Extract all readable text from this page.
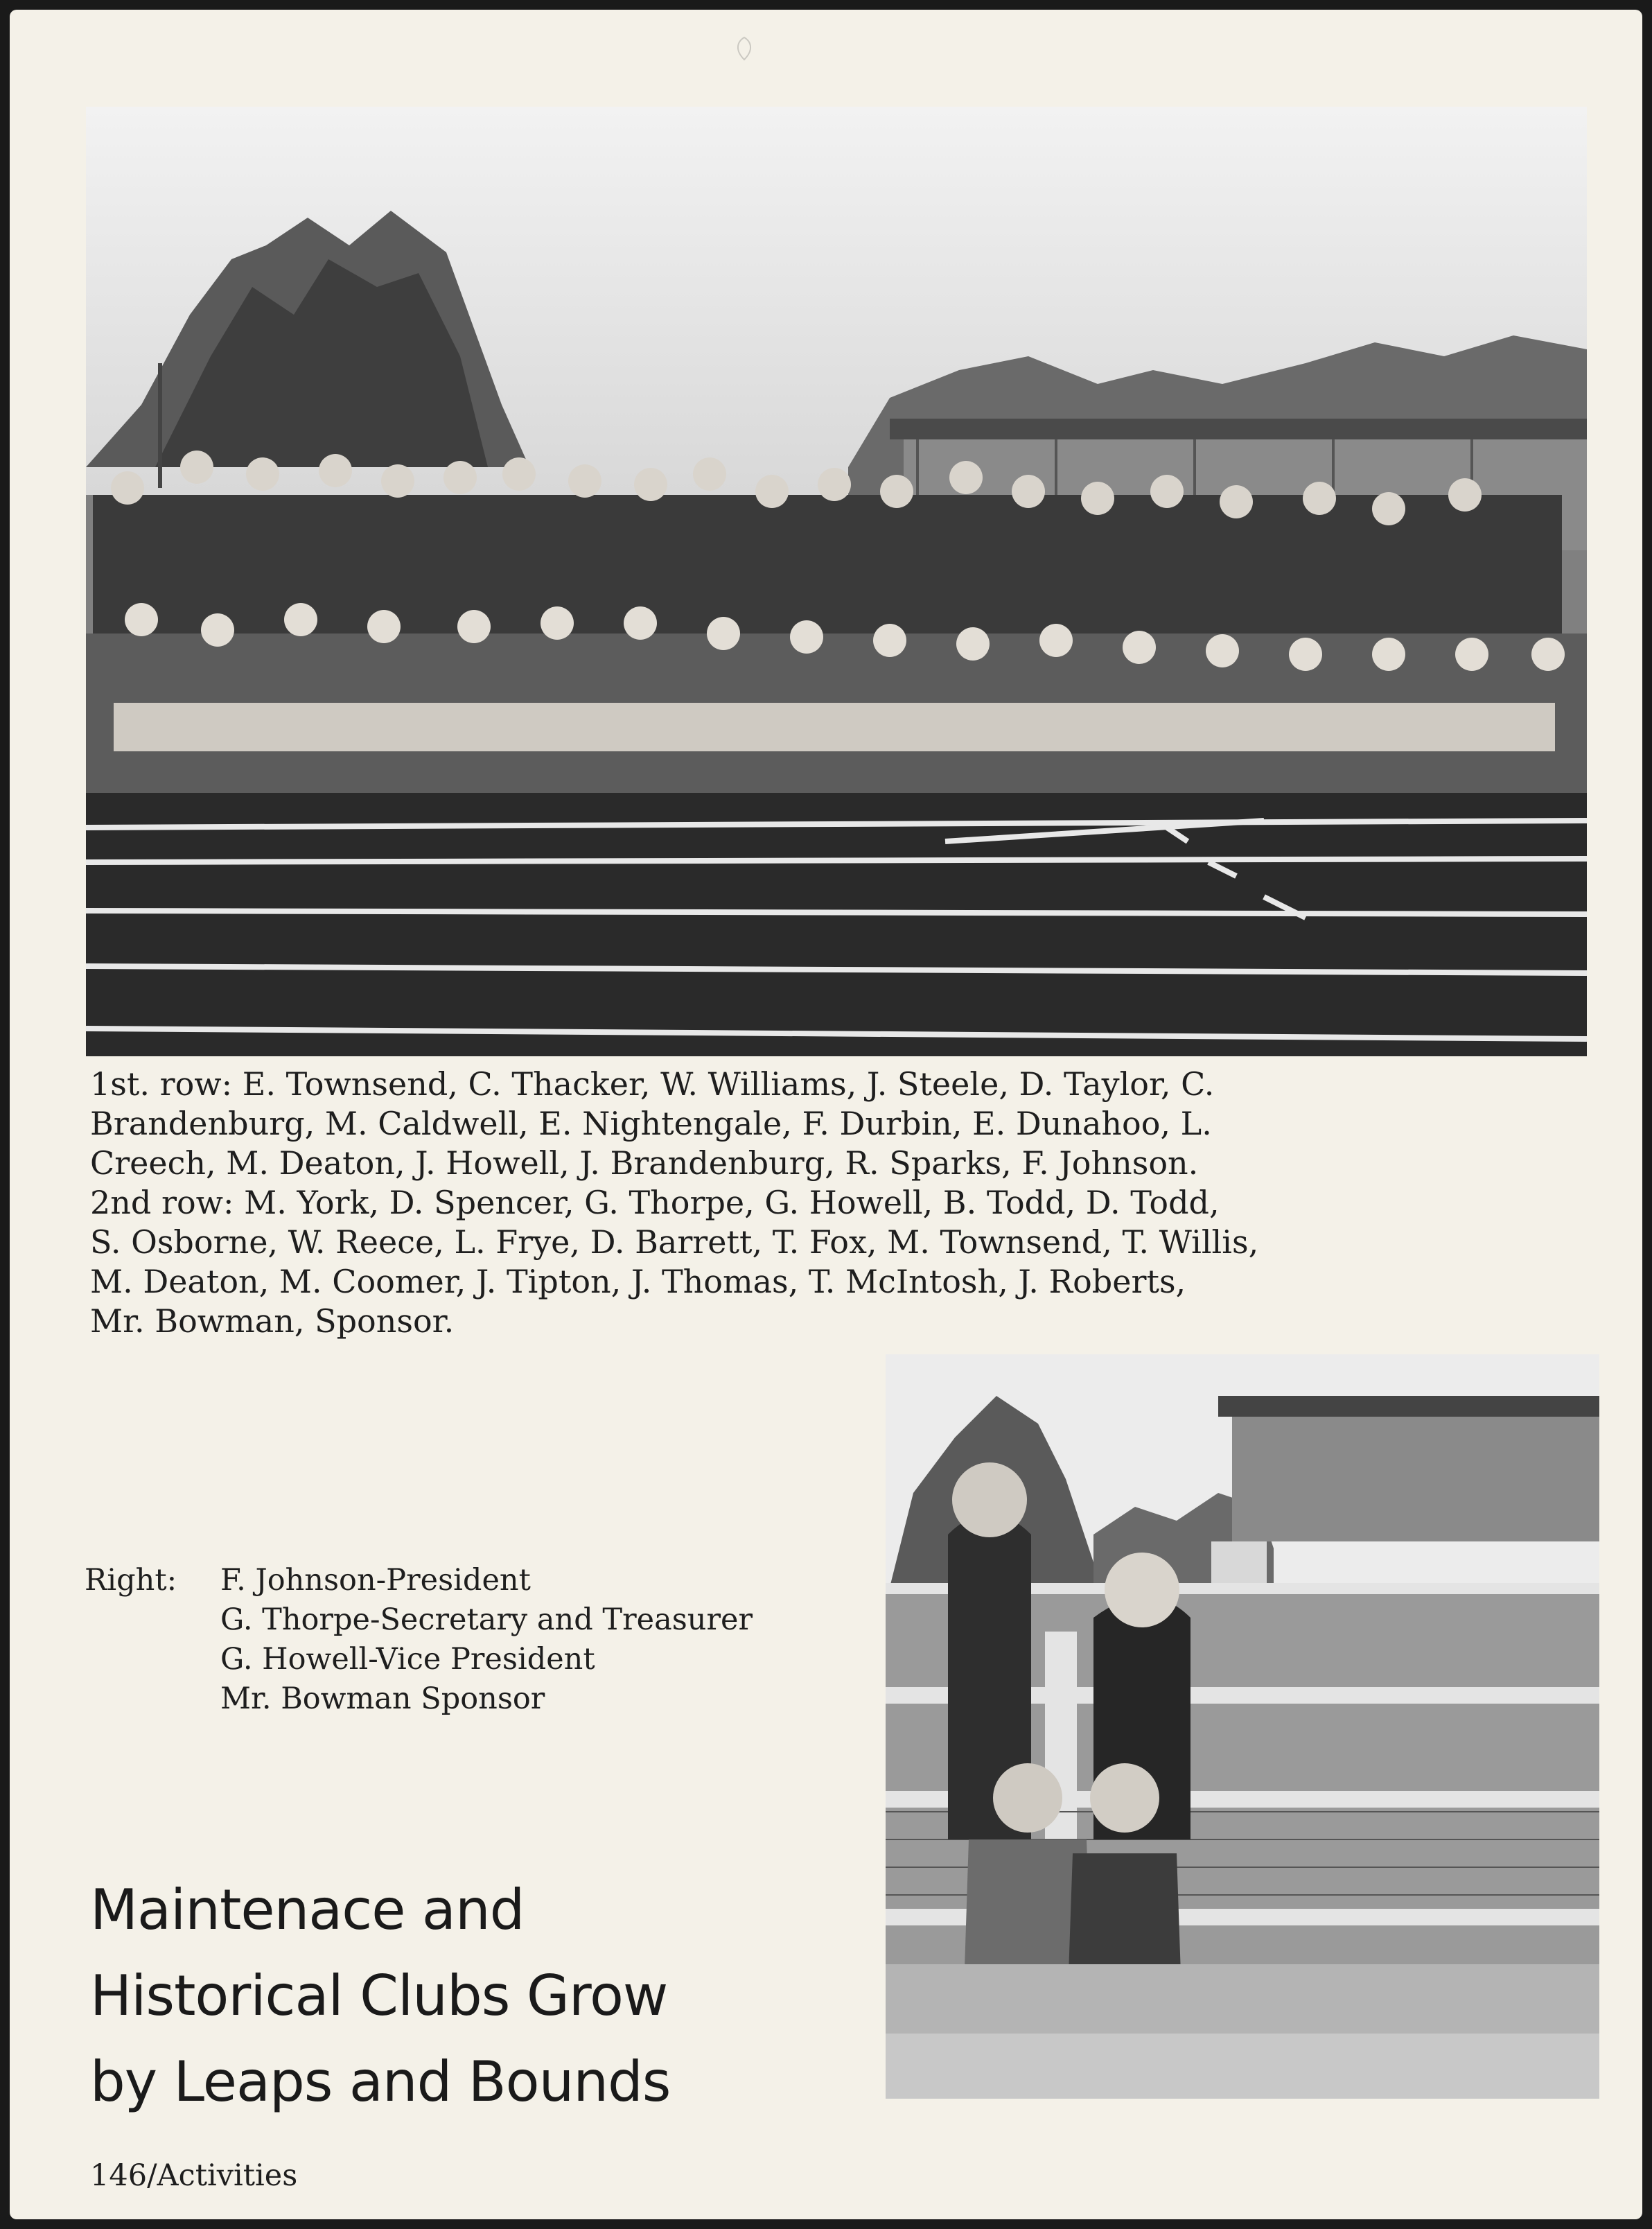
1st. row: E. Townsend, C. Thacker, W. Williams, J. Steele, D. Taylor, C.
Brandenburg, M. Caldwell, E. Nightengale, F. Durbin, E. Dunahoo, L.
Creech, M. Deaton, J. Howell, J. Brandenburg, R. Sparks, F. Johnson.
2nd row: M. York, D. Spencer, G. Thorpe, G. Howell, B. Todd, D. Todd,
S. Osborne, W. Reece, L. Frye, D. Barrett, T. Fox, M. Townsend, T. Willis,
M. Deaton, M. Coomer, J. Tipton, J. Thomas, T. McIntosh, J. Roberts,
Mr. Bowman, Sponsor.
Right:	F. Johnson-President
G. Thorpe-Secretary and Treasurer
G. Howell-Vice President
Mr. Bowman Sponsor
Maintenace and
Historical Clubs Grow
by Leaps and Bounds
146/Activities
